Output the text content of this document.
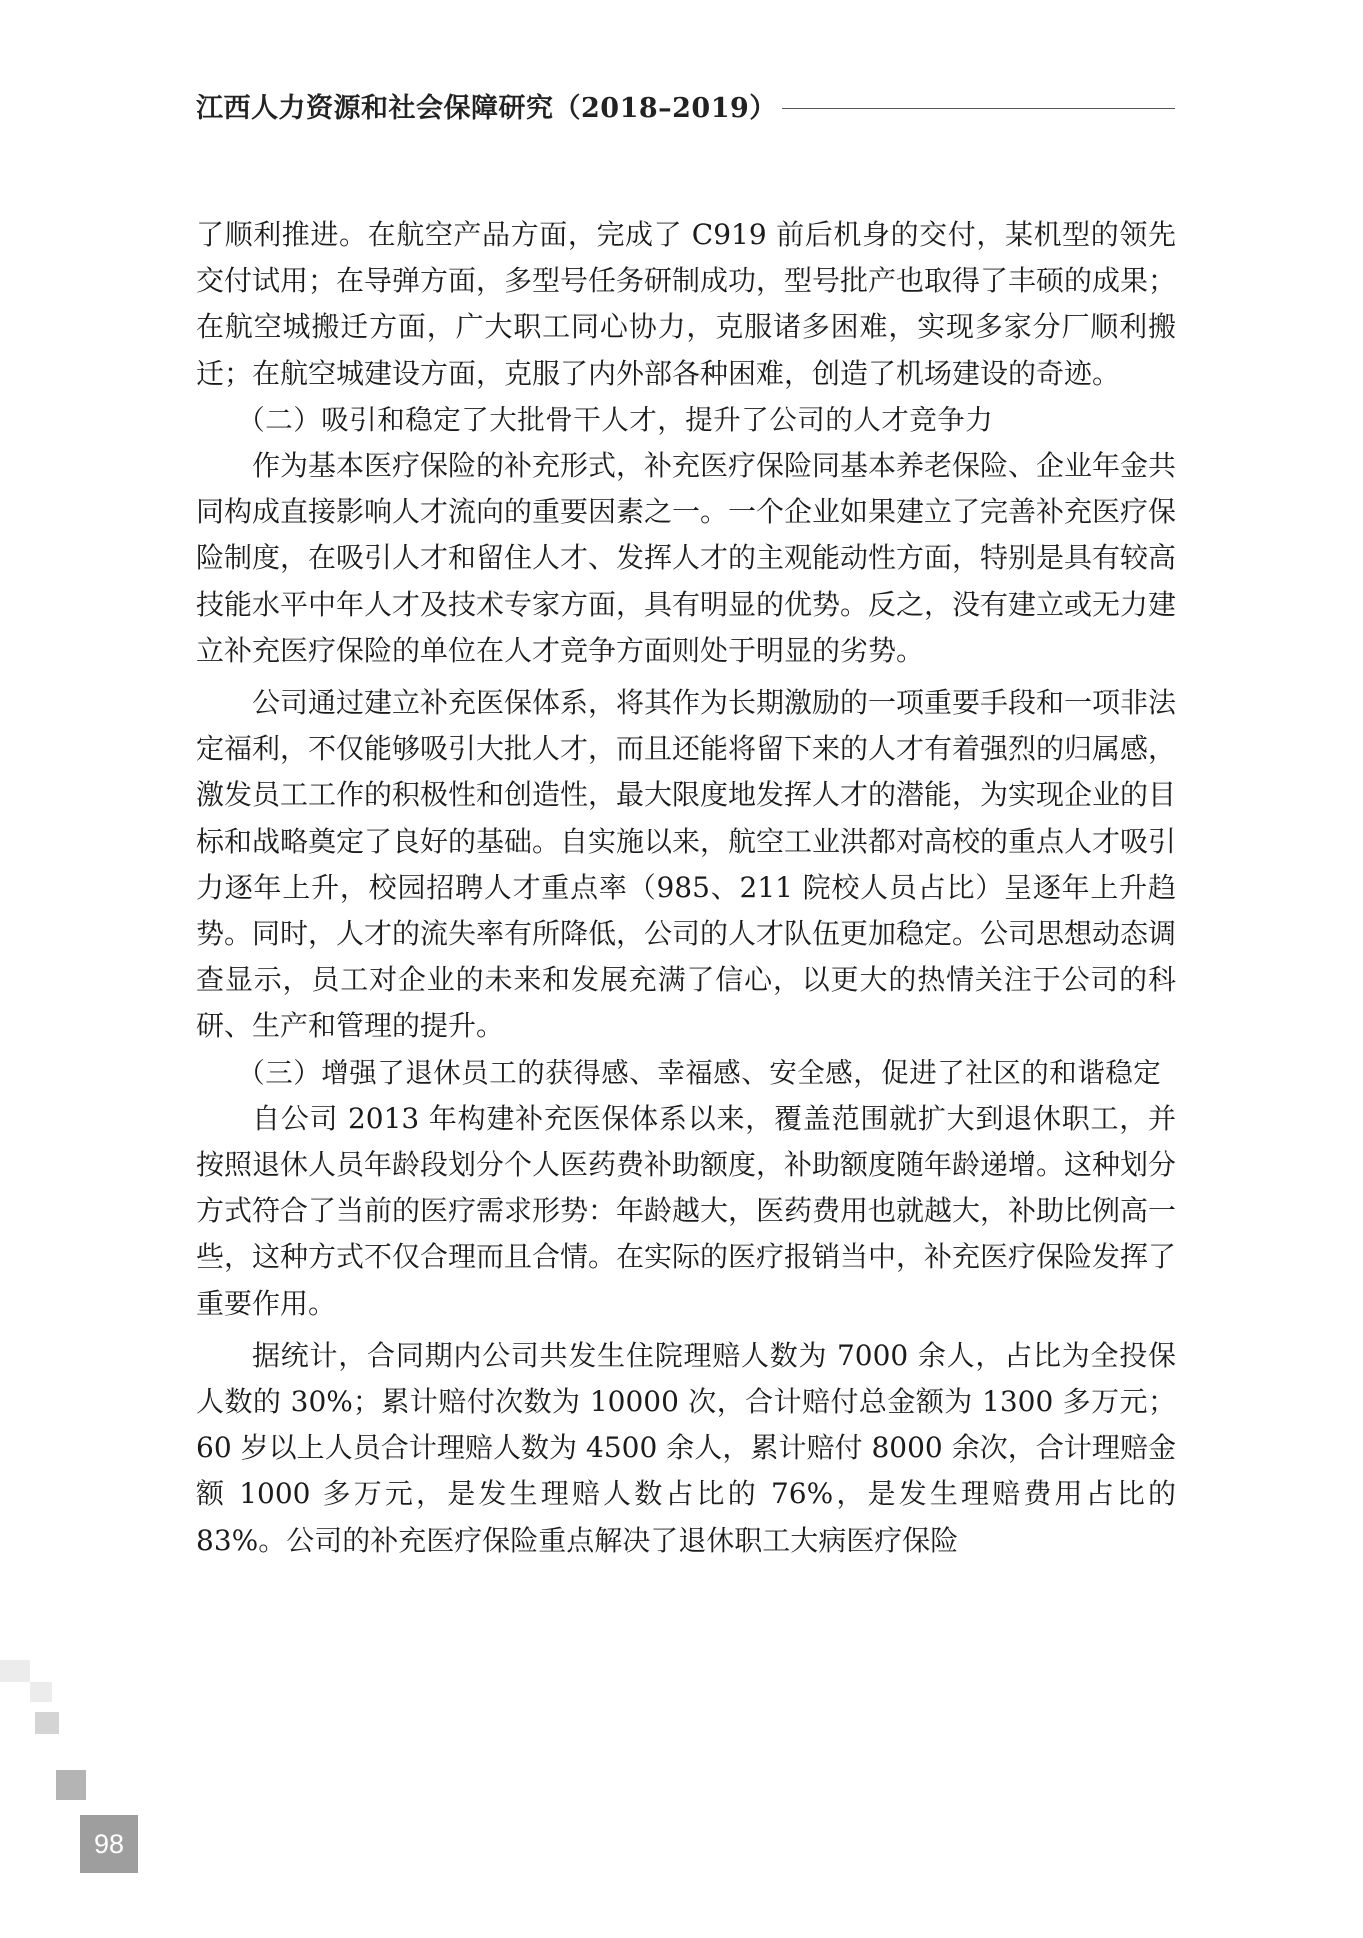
江西人力资源和社会保障研究（2018–2019）

了顺利推进。在航空产品方面，完成了 C919 前后机身的交付，某机型的领先交付试用；在导弹方面，多型号任务研制成功，型号批产也取得了丰硕的成果；在航空城搬迁方面，广大职工同心协力，克服诸多困难，实现多家分厂顺利搬迁；在航空城建设方面，克服了内外部各种困难，创造了机场建设的奇迹。

（二）吸引和稳定了大批骨干人才，提升了公司的人才竞争力

作为基本医疗保险的补充形式，补充医疗保险同基本养老保险、企业年金共同构成直接影响人才流向的重要因素之一。一个企业如果建立了完善补充医疗保险制度，在吸引人才和留住人才、发挥人才的主观能动性方面，特别是具有较高技能水平中年人才及技术专家方面，具有明显的优势。反之，没有建立或无力建立补充医疗保险的单位在人才竞争方面则处于明显的劣势。

公司通过建立补充医保体系，将其作为长期激励的一项重要手段和一项非法定福利，不仅能够吸引大批人才，而且还能将留下来的人才有着强烈的归属感，激发员工工作的积极性和创造性，最大限度地发挥人才的潜能，为实现企业的目标和战略奠定了良好的基础。自实施以来，航空工业洪都对高校的重点人才吸引力逐年上升，校园招聘人才重点率（985、211 院校人员占比）呈逐年上升趋势。同时，人才的流失率有所降低，公司的人才队伍更加稳定。公司思想动态调查显示，员工对企业的未来和发展充满了信心，以更大的热情关注于公司的科研、生产和管理的提升。

（三）增强了退休员工的获得感、幸福感、安全感，促进了社区的和谐稳定

自公司 2013 年构建补充医保体系以来，覆盖范围就扩大到退休职工，并按照退休人员年龄段划分个人医药费补助额度，补助额度随年龄递增。这种划分方式符合了当前的医疗需求形势：年龄越大，医药费用也就越大，补助比例高一些，这种方式不仅合理而且合情。在实际的医疗报销当中，补充医疗保险发挥了重要作用。

据统计，合同期内公司共发生住院理赔人数为 7000 余人，占比为全投保人数的 30%；累计赔付次数为 10000 次，合计赔付总金额为 1300 多万元；60 岁以上人员合计理赔人数为 4500 余人，累计赔付 8000 余次，合计理赔金额 1000 多万元，是发生理赔人数占比的 76%，是发生理赔费用占比的 83%。公司的补充医疗保险重点解决了退休职工大病医疗保险

98
